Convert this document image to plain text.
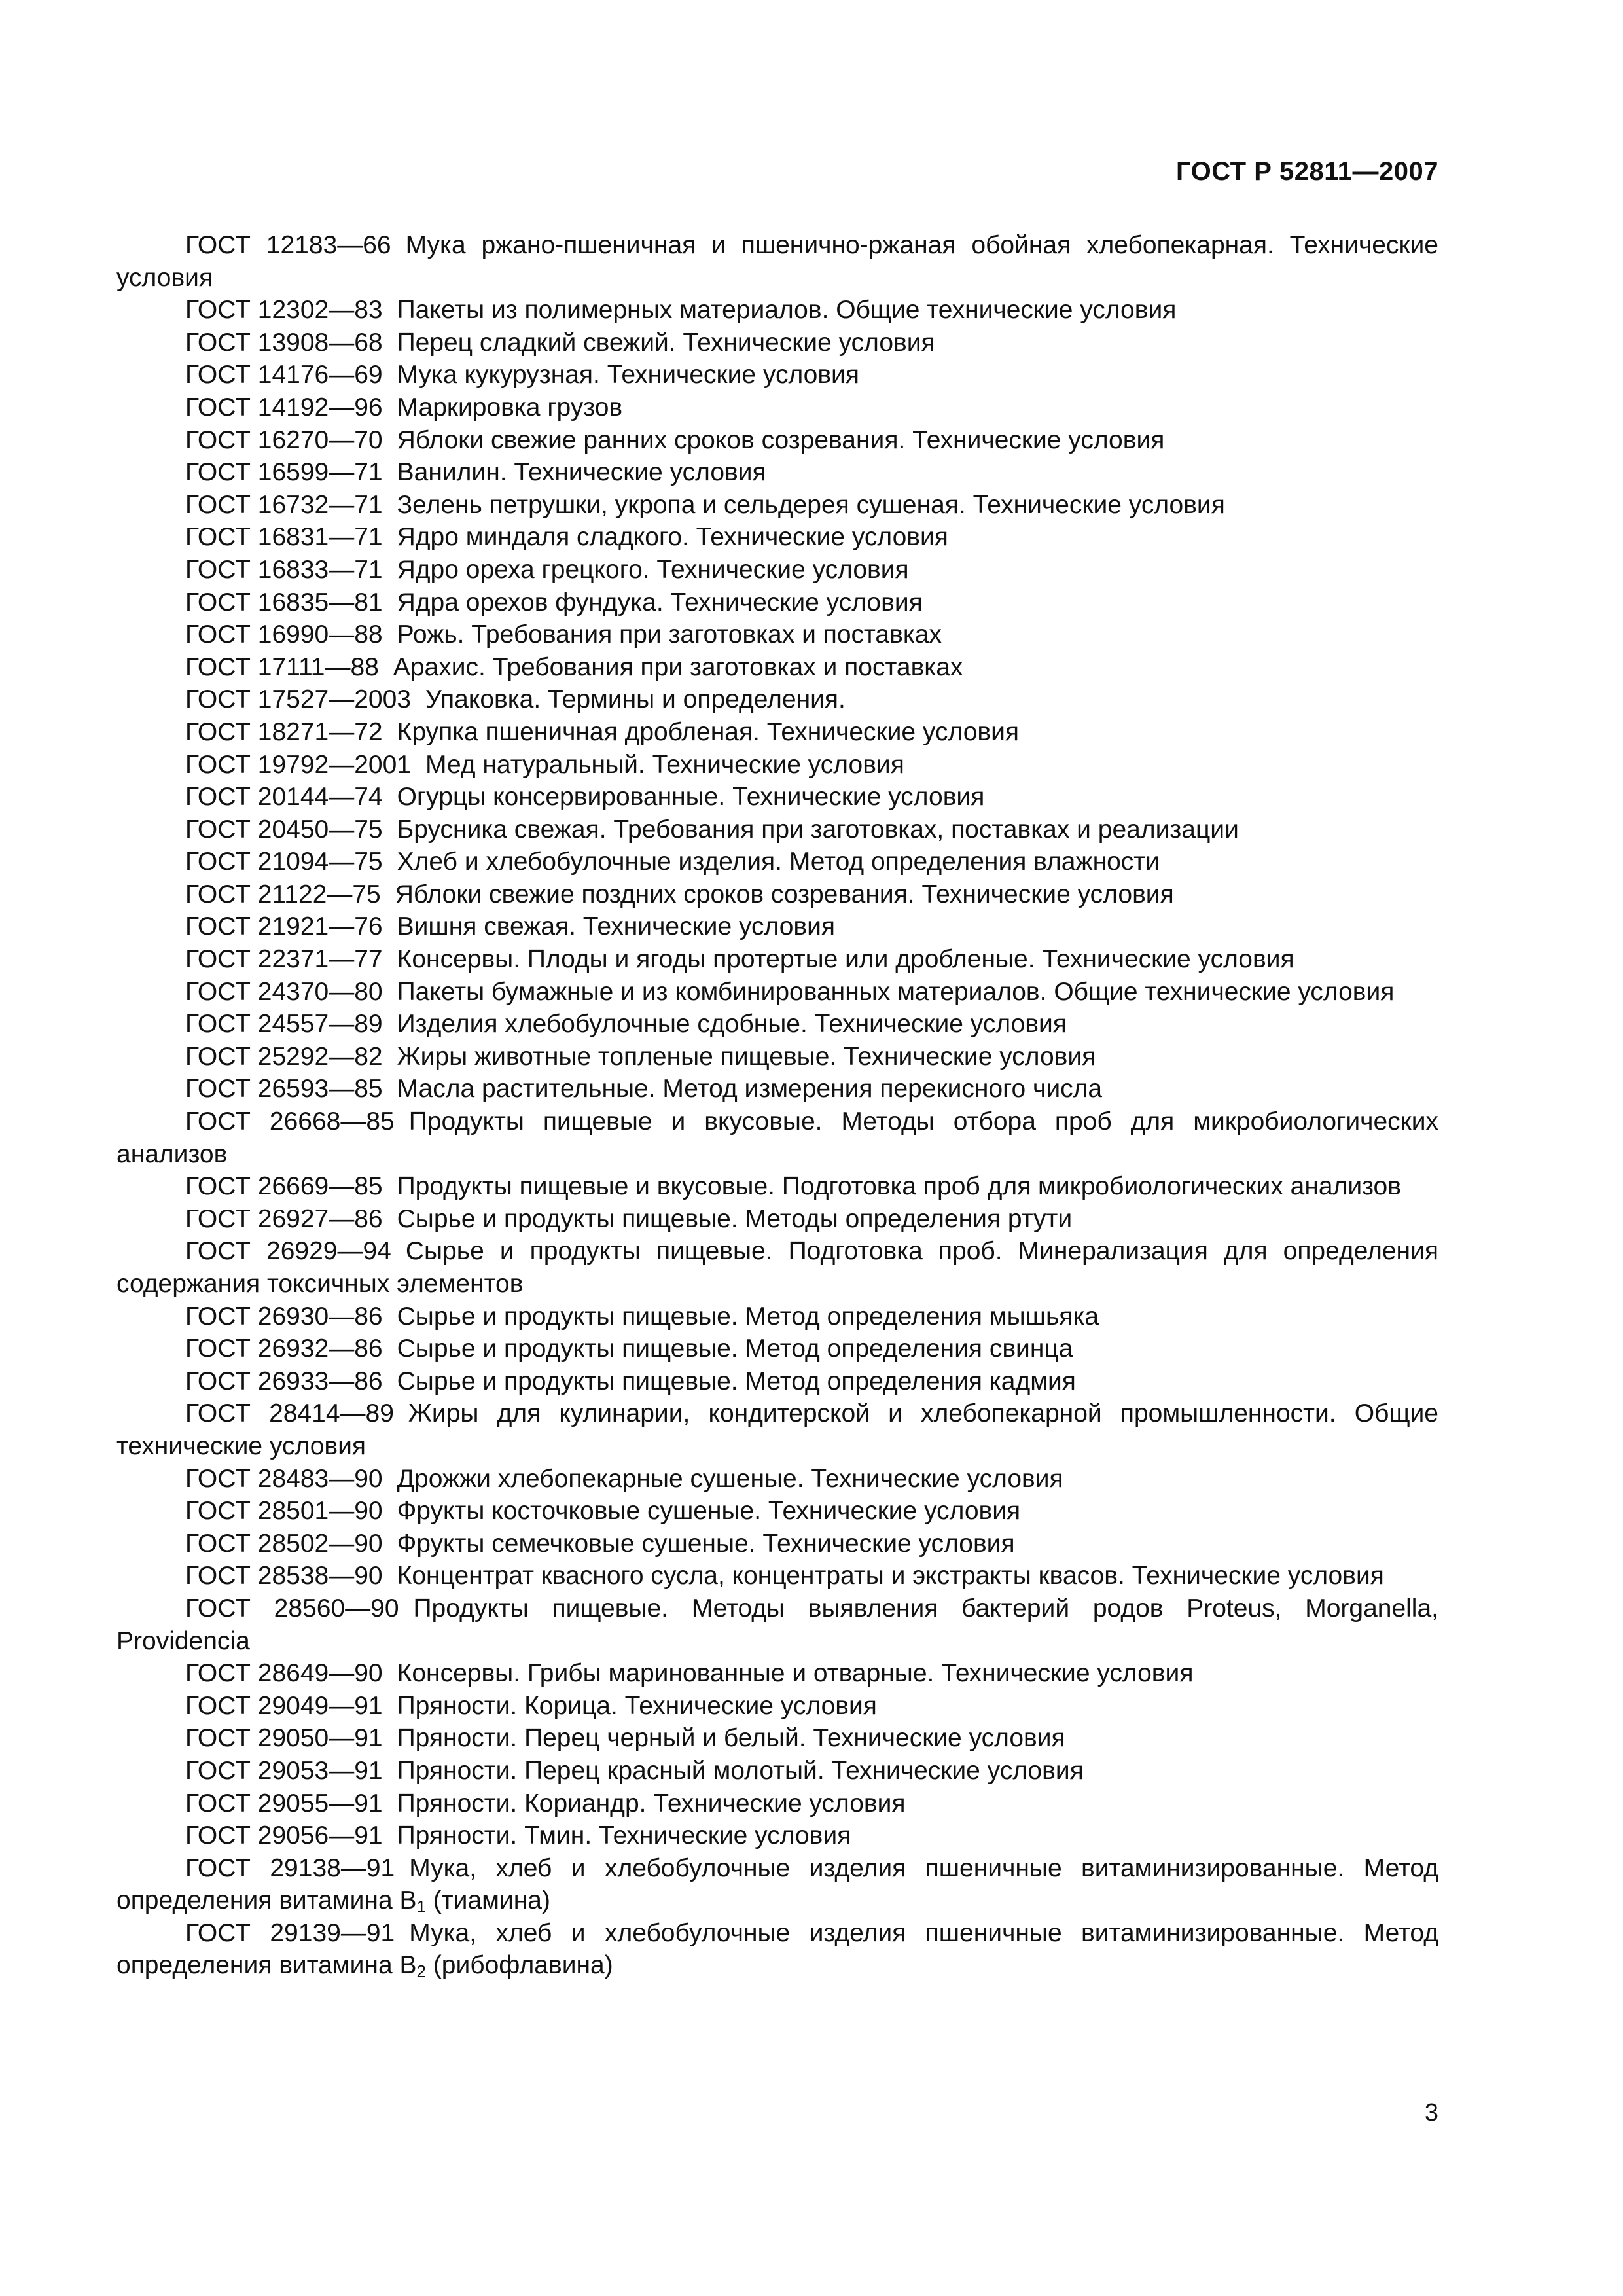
ГОСТ Р 52811—2007
ГОСТ 12183—66 Мука ржано-пшеничная и пшенично-ржаная обойная хлебопекарная. Технические условия
ГОСТ 12302—83 Пакеты из полимерных материалов. Общие технические условия
ГОСТ 13908—68 Перец сладкий свежий. Технические условия
ГОСТ 14176—69 Мука кукурузная. Технические условия
ГОСТ 14192—96 Маркировка грузов
ГОСТ 16270—70 Яблоки свежие ранних сроков созревания. Технические условия
ГОСТ 16599—71 Ванилин. Технические условия
ГОСТ 16732—71 Зелень петрушки, укропа и сельдерея сушеная. Технические условия
ГОСТ 16831—71 Ядро миндаля сладкого. Технические условия
ГОСТ 16833—71 Ядро ореха грецкого. Технические условия
ГОСТ 16835—81 Ядра орехов фундука. Технические условия
ГОСТ 16990—88 Рожь. Требования при заготовках и поставках
ГОСТ 17111—88 Арахис. Требования при заготовках и поставках
ГОСТ 17527—2003 Упаковка. Термины и определения.
ГОСТ 18271—72 Крупка пшеничная дробленая. Технические условия
ГОСТ 19792—2001 Мед натуральный. Технические условия
ГОСТ 20144—74 Огурцы консервированные. Технические условия
ГОСТ 20450—75 Брусника свежая. Требования при заготовках, поставках и реализации
ГОСТ 21094—75 Хлеб и хлебобулочные изделия. Метод определения влажности
ГОСТ 21122—75 Яблоки свежие поздних сроков созревания. Технические условия
ГОСТ 21921—76 Вишня свежая. Технические условия
ГОСТ 22371—77 Консервы. Плоды и ягоды протертые или дробленые. Технические условия
ГОСТ 24370—80 Пакеты бумажные и из комбинированных материалов. Общие технические условия
ГОСТ 24557—89 Изделия хлебобулочные сдобные. Технические условия
ГОСТ 25292—82 Жиры животные топленые пищевые. Технические условия
ГОСТ 26593—85 Масла растительные. Метод измерения перекисного числа
ГОСТ 26668—85 Продукты пищевые и вкусовые. Методы отбора проб для микробиологических анализов
ГОСТ 26669—85 Продукты пищевые и вкусовые. Подготовка проб для микробиологических анализов
ГОСТ 26927—86 Сырье и продукты пищевые. Методы определения ртути
ГОСТ 26929—94 Сырье и продукты пищевые. Подготовка проб. Минерализация для определения содержания токсичных элементов
ГОСТ 26930—86 Сырье и продукты пищевые. Метод определения мышьяка
ГОСТ 26932—86 Сырье и продукты пищевые. Метод определения свинца
ГОСТ 26933—86 Сырье и продукты пищевые. Метод определения кадмия
ГОСТ 28414—89 Жиры для кулинарии, кондитерской и хлебопекарной промышленности. Общие технические условия
ГОСТ 28483—90 Дрожжи хлебопекарные сушеные. Технические условия
ГОСТ 28501—90 Фрукты косточковые сушеные. Технические условия
ГОСТ 28502—90 Фрукты семечковые сушеные. Технические условия
ГОСТ 28538—90 Концентрат квасного сусла, концентраты и экстракты квасов. Технические условия
ГОСТ 28560—90 Продукты пищевые. Методы выявления бактерий родов Proteus, Morganella, Providencia
ГОСТ 28649—90 Консервы. Грибы маринованные и отварные. Технические условия
ГОСТ 29049—91 Пряности. Корица. Технические условия
ГОСТ 29050—91 Пряности. Перец черный и белый. Технические условия
ГОСТ 29053—91 Пряности. Перец красный молотый. Технические условия
ГОСТ 29055—91 Пряности. Кориандр. Технические условия
ГОСТ 29056—91 Пряности. Тмин. Технические условия
ГОСТ 29138—91 Мука, хлеб и хлебобулочные изделия пшеничные витаминизированные. Метод определения витамина $B_1$ (тиамина)
ГОСТ 29139—91 Мука, хлеб и хлебобулочные изделия пшеничные витаминизированные. Метод определения витамина $B_2$ (рибофлавина)
3
